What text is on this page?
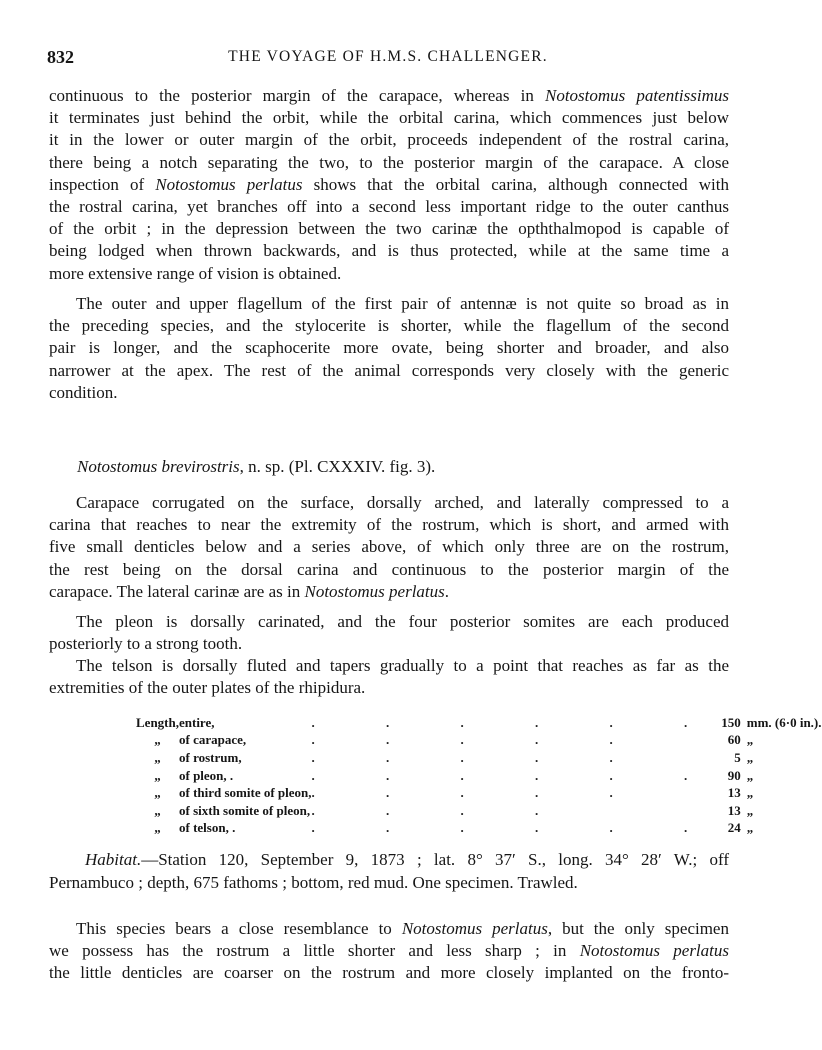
832	THE VOYAGE OF H.M.S. CHALLENGER.
continuous to the posterior margin of the carapace, whereas in Notostomus patentissimus
it terminates just behind the orbit, while the orbital carina, which commences just below
it in the lower or outer margin of the orbit, proceeds independent of the rostral carina,
there being a notch separating the two, to the posterior margin of the carapace. A close
inspection of Notostomus perlatus shows that the orbital carina, although connected with
the rostral carina, yet branches off into a second less important ridge to the outer canthus
of the orbit ; in the depression between the two carinæ the opththalmopod is capable of
being lodged when thrown backwards, and is thus protected, while at the same time a
more extensive range of vision is obtained.
The outer and upper flagellum of the first pair of antennæ is not quite so broad as in
the preceding species, and the stylocerite is shorter, while the flagellum of the second
pair is longer, and the scaphocerite more ovate, being shorter and broader, and also
narrower at the apex. The rest of the animal corresponds very closely with the generic
condition.
Notostomus brevirostris, n. sp. (Pl. CXXXIV. fig. 3).
Carapace corrugated on the surface, dorsally arched, and laterally compressed to a
carina that reaches to near the extremity of the rostrum, which is short, and armed with
five small denticles below and a series above, of which only three are on the rostrum,
the rest being on the dorsal carina and continuous to the posterior margin of the
carapace. The lateral carinæ are as in Notostomus perlatus.
The pleon is dorsally carinated, and the four posterior somites are each produced
posteriorly to a strong tooth.
The telson is dorsally fluted and tapers gradually to a point that reaches as far as the
extremities of the outer plates of the rhipidura.
Length,	entire,	. . . . . .	150	mm. (6·0 in.).
„	of carapace,	. . . . .	60	„
„	of rostrum,	. . . . .	5	„
„	of pleon, .	. . . . . .	90	„
„	of third somite of pleon,	. . . . .	13	„
„	of sixth somite of pleon,	. . . .	13	„
„	of telson, .	. . . . . .	24	„
Habitat.—Station 120, September 9, 1873 ; lat. 8° 37′ S., long. 34° 28′ W.; off
Pernambuco ; depth, 675 fathoms ; bottom, red mud. One specimen. Trawled.
This species bears a close resemblance to Notostomus perlatus, but the only specimen
we possess has the rostrum a little shorter and less sharp ; in Notostomus perlatus
the little denticles are coarser on the rostrum and more closely implanted on the fronto-
